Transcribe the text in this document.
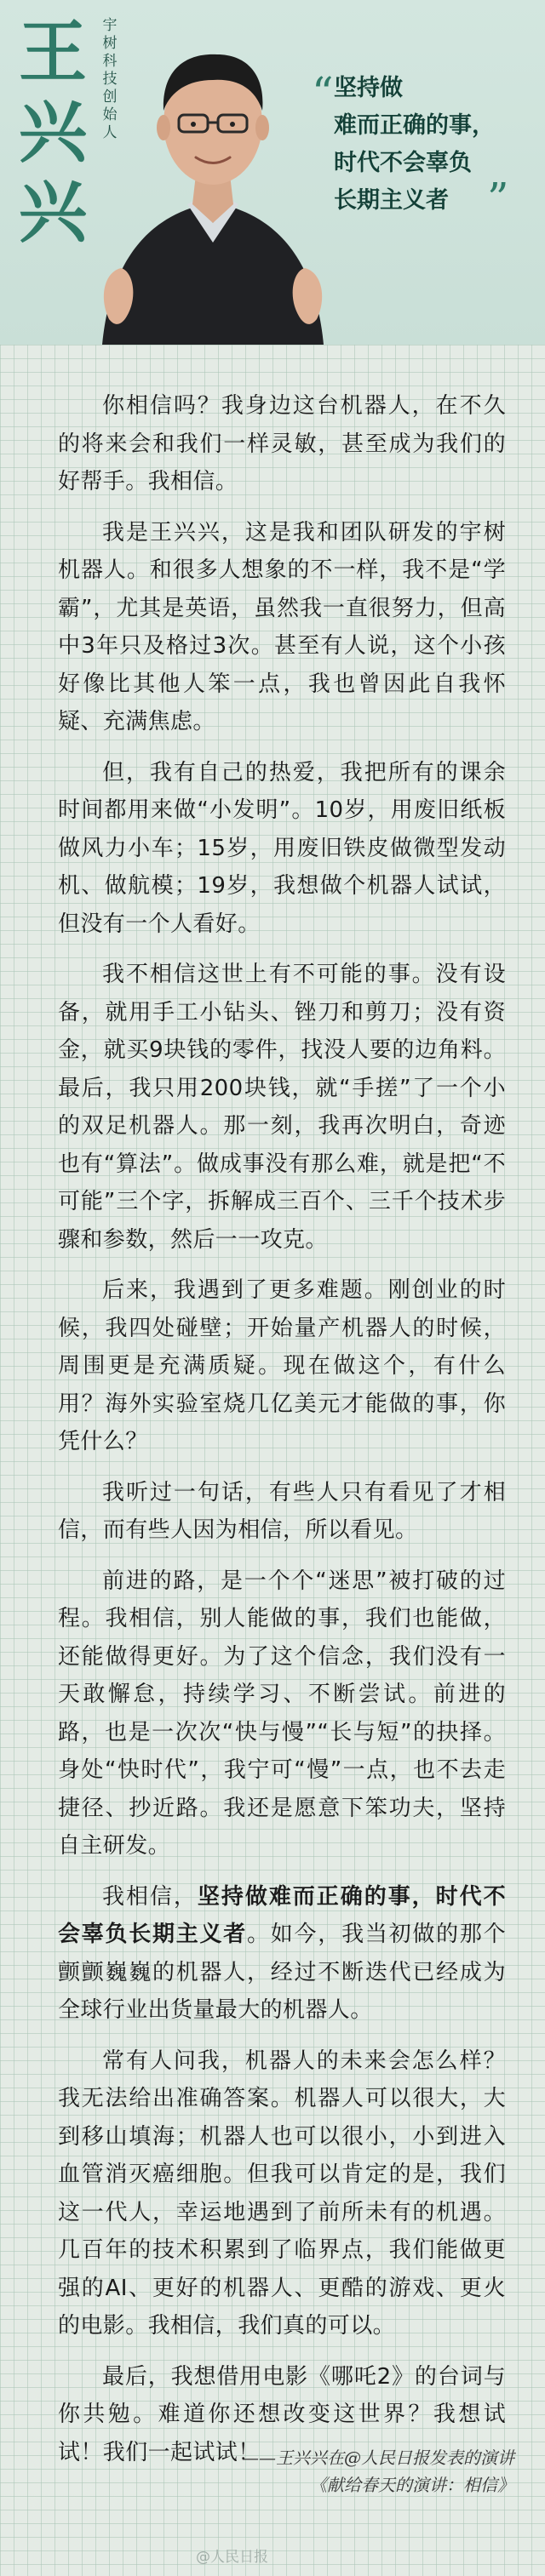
王
兴
兴
宇
树
科
技
创
始
人
“ 坚持做
难而正确的事，
时代不会辜负
长期主义者 ”

你相信吗？我身边这台机器人，在不久的将来会和我们一样灵敏，甚至成为我们的好帮手。我相信。

我是王兴兴，这是我和团队研发的宇树机器人。和很多人想象的不一样，我不是“学霸”，尤其是英语，虽然我一直很努力，但高中3年只及格过3次。甚至有人说，这个小孩好像比其他人笨一点，我也曾因此自我怀疑、充满焦虑。

但，我有自己的热爱，我把所有的课余时间都用来做“小发明”。10岁，用废旧纸板做风力小车；15岁，用废旧铁皮做微型发动机、做航模；19岁，我想做个机器人试试，但没有一个人看好。

我不相信这世上有不可能的事。没有设备，就用手工小钻头、锉刀和剪刀；没有资金，就买9块钱的零件，找没人要的边角料。最后，我只用200块钱，就“手搓”了一个小的双足机器人。那一刻，我再次明白，奇迹也有“算法”。做成事没有那么难，就是把“不可能”三个字，拆解成三百个、三千个技术步骤和参数，然后一一攻克。

后来，我遇到了更多难题。刚创业的时候，我四处碰壁；开始量产机器人的时候，周围更是充满质疑。现在做这个，有什么用？海外实验室烧几亿美元才能做的事，你凭什么？

我听过一句话，有些人只有看见了才相信，而有些人因为相信，所以看见。

前进的路，是一个个“迷思”被打破的过程。我相信，别人能做的事，我们也能做，还能做得更好。为了这个信念，我们没有一天敢懈怠，持续学习、不断尝试。前进的路，也是一次次“快与慢”“长与短”的抉择。身处“快时代”，我宁可“慢”一点，也不去走捷径、抄近路。我还是愿意下笨功夫，坚持自主研发。

我相信，坚持做难而正确的事，时代不会辜负长期主义者。如今，我当初做的那个颤颤巍巍的机器人，经过不断迭代已经成为全球行业出货量最大的机器人。

常有人问我，机器人的未来会怎么样？我无法给出准确答案。机器人可以很大，大到移山填海；机器人也可以很小，小到进入血管消灭癌细胞。但我可以肯定的是，我们这一代人，幸运地遇到了前所未有的机遇。几百年的技术积累到了临界点，我们能做更强的AI、更好的机器人、更酷的游戏、更火的电影。我相信，我们真的可以。

最后，我想借用电影《哪吒2》的台词与你共勉。难道你还想改变这世界？我想试试！我们一起试试！

——王兴兴在@人民日报发表的演讲
《献给春天的演讲：相信》
@人民日报
